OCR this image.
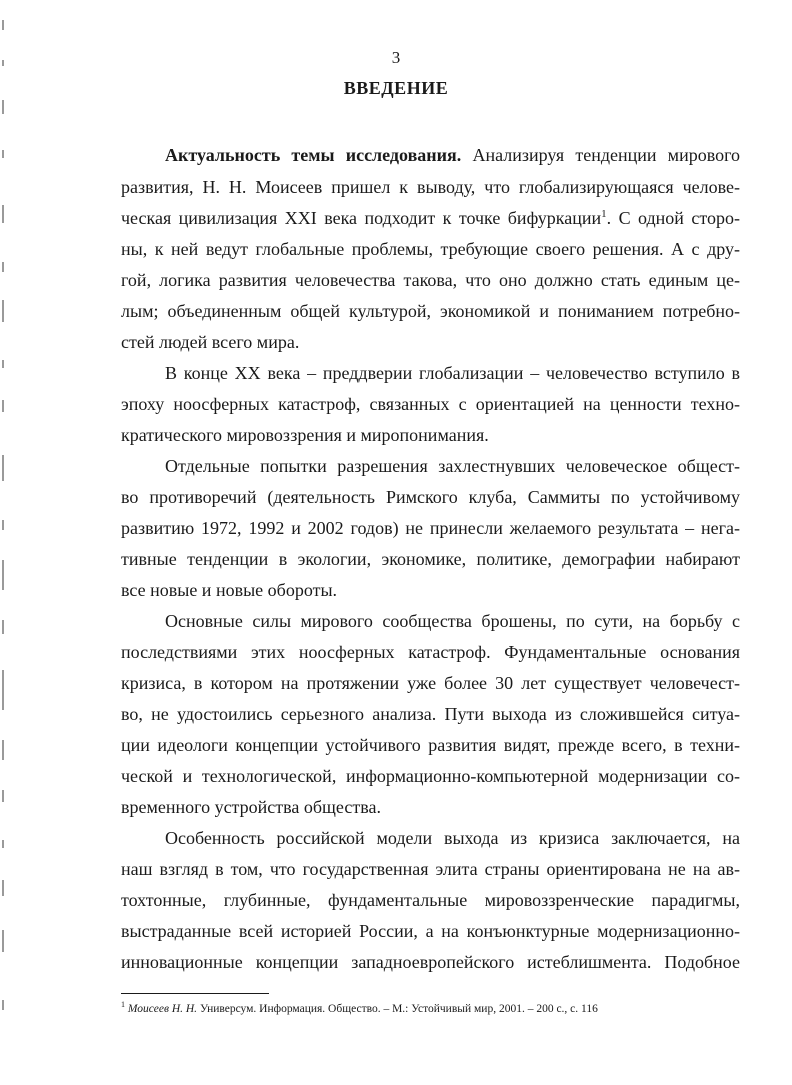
3
ВВЕДЕНИЕ
Актуальность темы исследования. Анализируя тенденции мирового
развития, Н. Н. Моисеев пришел к выводу, что глобализирующаяся челове-
ческая цивилизация XXI века подходит к точке бифуркации$^1$. С одной сторо-
ны, к ней ведут глобальные проблемы, требующие своего решения. А с дру-
гой, логика развития человечества такова, что оно должно стать единым це-
лым; объединенным общей культурой, экономикой и пониманием потребно-
стей людей всего мира.
В конце XX века – преддверии глобализации – человечество вступило в
эпоху ноосферных катастроф, связанных с ориентацией на ценности техно-
кратического мировоззрения и миропонимания.
Отдельные попытки разрешения захлестнувших человеческое общест-
во противоречий (деятельность Римского клуба, Саммиты по устойчивому
развитию 1972, 1992 и 2002 годов) не принесли желаемого результата – нега-
тивные тенденции в экологии, экономике, политике, демографии набирают
все новые и новые обороты.
Основные силы мирового сообщества брошены, по сути, на борьбу с
последствиями этих ноосферных катастроф. Фундаментальные основания
кризиса, в котором на протяжении уже более 30 лет существует человечест-
во, не удостоились серьезного анализа. Пути выхода из сложившейся ситуа-
ции идеологи концепции устойчивого развития видят, прежде всего, в техни-
ческой и технологической, информационно-компьютерной модернизации со-
временного устройства общества.
Особенность российской модели выхода из кризиса заключается, на
наш взгляд в том, что государственная элита страны ориентирована не на ав-
тохтонные, глубинные, фундаментальные мировоззренческие парадигмы,
выстраданные всей историей России, а на конъюнктурные модернизационно-
инновационные концепции западноевропейского истеблишмента. Подобное
$^1$ Моисеев Н. Н. Универсум. Информация. Общество. – М.: Устойчивый мир, 2001. – 200 с., с. 116
